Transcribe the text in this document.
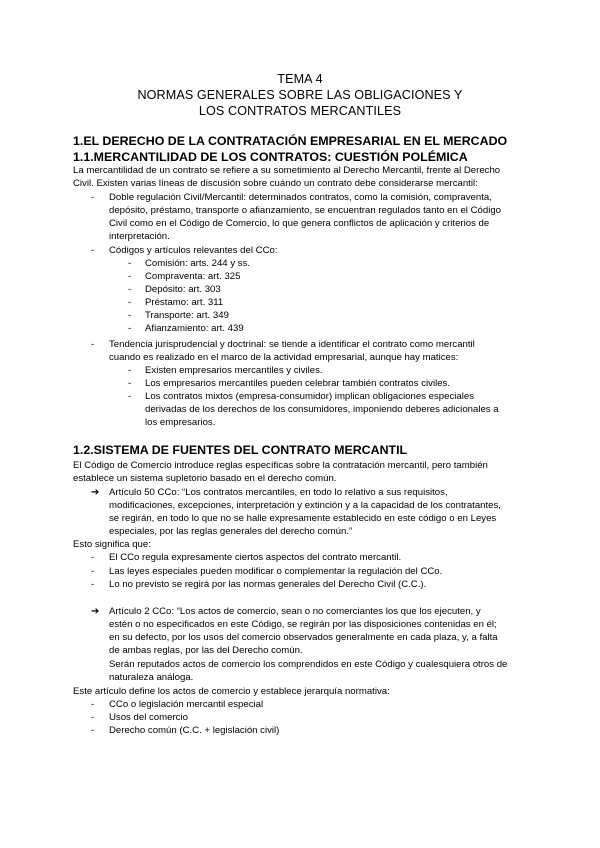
TEMA 4
NORMAS GENERALES SOBRE LAS OBLIGACIONES Y
LOS CONTRATOS MERCANTILES
1.EL DERECHO DE LA CONTRATACIÓN EMPRESARIAL EN EL MERCADO
1.1.MERCANTILIDAD DE LOS CONTRATOS: CUESTIÓN POLÉMICA
La mercantilidad de un contrato se refiere a su sometimiento al Derecho Mercantil, frente al Derecho
Civil. Existen varias líneas de discusión sobre cuándo un contrato debe considerarse mercantil:
- Doble regulación Civil/Mercantil: determinados contratos, como la comisión, compraventa,
depósito, préstamo, transporte o afianzamiento, se encuentran regulados tanto en el Código
Civil como en el Código de Comercio, lo que genera conflictos de aplicación y criterios de
interpretación.
- Códigos y artículos relevantes del CCo:
- Comisión: arts. 244 y ss.
- Compraventa: art. 325
- Depósito: art. 303
- Préstamo: art. 311
- Transporte: art. 349
- Afianzamiento: art. 439
- Tendencia jurisprudencial y doctrinal: se tiende a identificar el contrato como mercantil
cuando es realizado en el marco de la actividad empresarial, aunque hay matices:
- Existen empresarios mercantiles y civiles.
- Los empresarios mercantiles pueden celebrar también contratos civiles.
- Los contratos mixtos (empresa-consumidor) implican obligaciones especiales
derivadas de los derechos de los consumidores, imponiendo deberes adicionales a
los empresarios.
1.2.SISTEMA DE FUENTES DEL CONTRATO MERCANTIL
El Código de Comercio introduce reglas específicas sobre la contratación mercantil, pero también
establece un sistema supletorio basado en el derecho común.
➔ Artículo 50 CCo: “Los contratos mercantiles, en todo lo relativo a sus requisitos,
modificaciones, excepciones, interpretación y extinción y a la capacidad de los contratantes,
se regirán, en todo lo que no se halle expresamente establecido en este código o en Leyes
especiales, por las reglas generales del derecho común.”
Esto significa que:
- El CCo regula expresamente ciertos aspectos del contrato mercantil.
- Las leyes especiales pueden modificar o complementar la regulación del CCo.
- Lo no previsto se regirá por las normas generales del Derecho Civil (C.C.).
➔ Artículo 2 CCo: “Los actos de comercio, sean o no comerciantes los que los ejecuten, y
estén o no especificados en este Código, se regirán por las disposiciones contenidas en él;
en su defecto, por los usos del comercio observados generalmente en cada plaza, y, a falta
de ambas reglas, por las del Derecho común.
Serán reputados actos de comercio los comprendidos en este Código y cualesquiera otros de
naturaleza análoga.
Este artículo define los actos de comercio y establece jerarquía normativa:
- CCo o legislación mercantil especial
- Usos del comercio
- Derecho común (C.C. + legislación civil)
